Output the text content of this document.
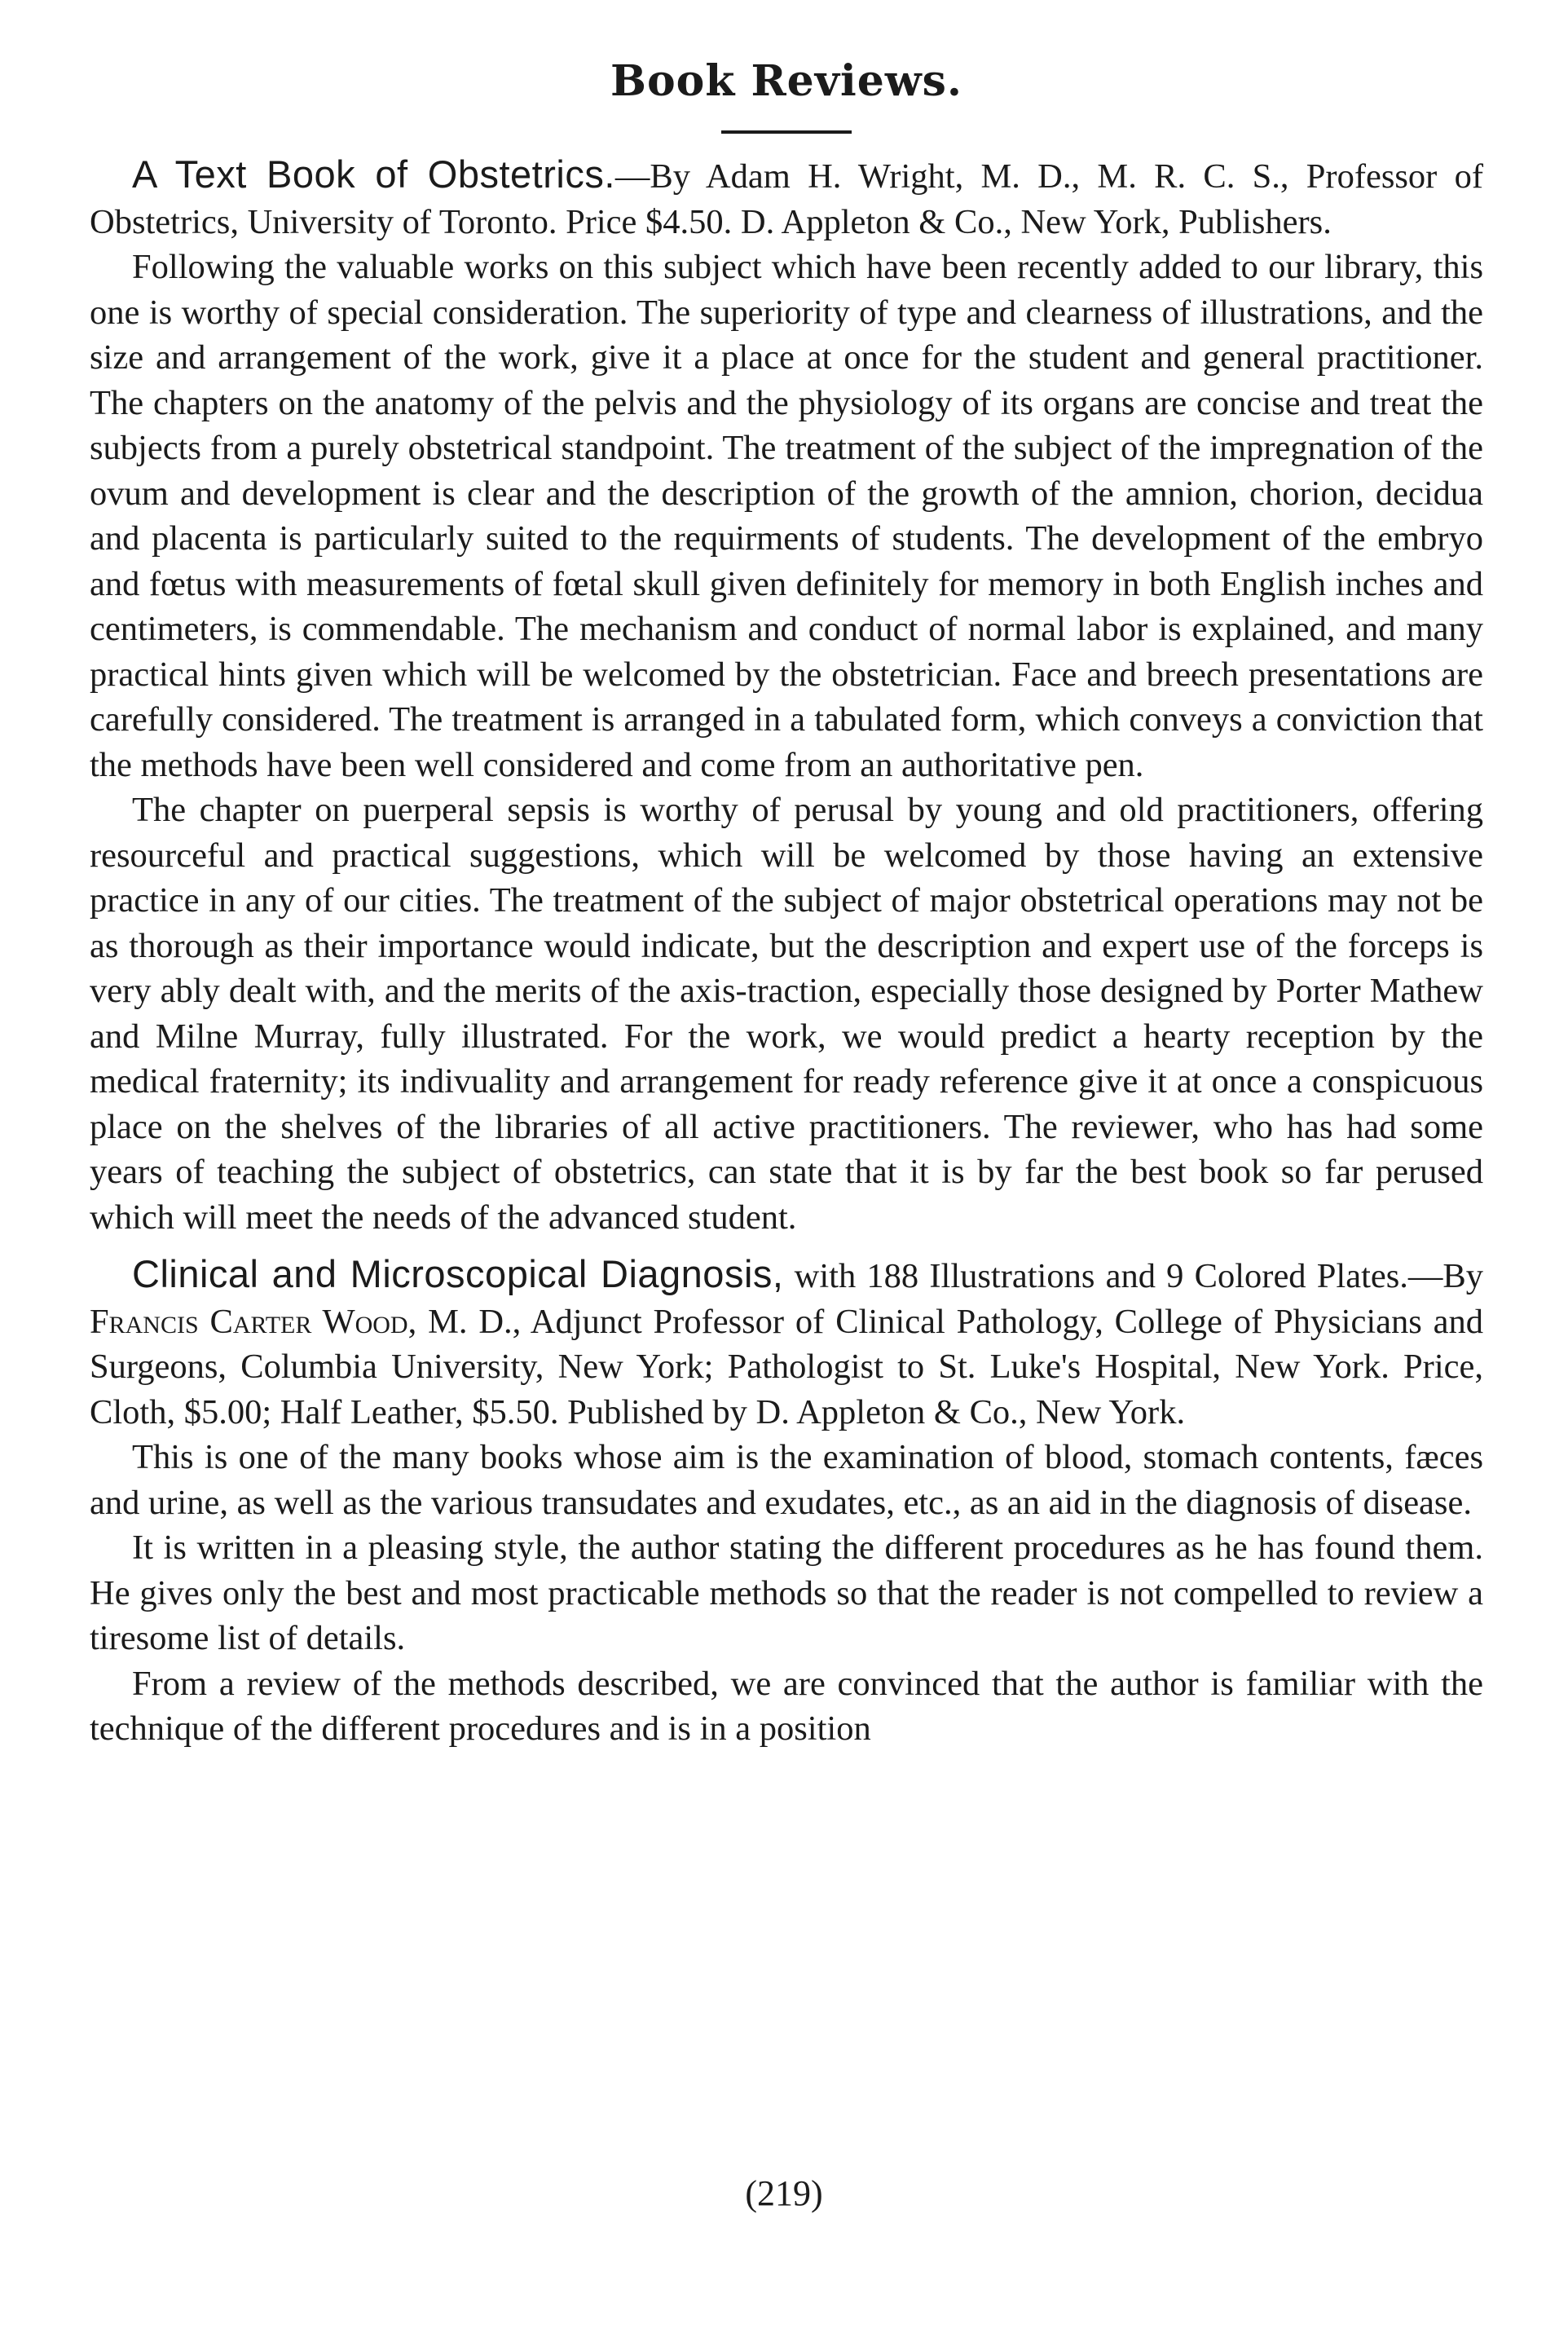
Book Reviews.

A Text Book of Obstetrics.—By Adam H. Wright, M. D., M. R. C. S., Professor of Obstetrics, University of Toronto. Price $4.50. D. Appleton & Co., New York, Publishers.

Following the valuable works on this subject which have been recently added to our library, this one is worthy of special consideration. The superiority of type and clearness of illustrations, and the size and arrangement of the work, give it a place at once for the student and general practitioner. The chapters on the anatomy of the pelvis and the physiology of its organs are concise and treat the subjects from a purely obstetrical standpoint. The treatment of the subject of the impregnation of the ovum and development is clear and the description of the growth of the amnion, chorion, decidua and placenta is particularly suited to the requirments of students. The development of the embryo and fœtus with measurements of fœtal skull given definitely for memory in both English inches and centimeters, is commendable. The mechanism and conduct of normal labor is explained, and many practical hints given which will be welcomed by the obstetrician. Face and breech presentations are carefully considered. The treatment is arranged in a tabulated form, which conveys a conviction that the methods have been well considered and come from an authoritative pen.

The chapter on puerperal sepsis is worthy of perusal by young and old practitioners, offering resourceful and practical suggestions, which will be welcomed by those having an extensive practice in any of our cities. The treatment of the subject of major obstetrical operations may not be as thorough as their importance would indicate, but the description and expert use of the forceps is very ably dealt with, and the merits of the axis-traction, especially those designed by Porter Mathew and Milne Murray, fully illustrated. For the work, we would predict a hearty reception by the medical fraternity; its indivuality and arrangement for ready reference give it at once a conspicuous place on the shelves of the libraries of all active practitioners. The reviewer, who has had some years of teaching the subject of obstetrics, can state that it is by far the best book so far perused which will meet the needs of the advanced student.

Clinical and Microscopical Diagnosis, with 188 Illustrations and 9 Colored Plates.—By Francis Carter Wood, M. D., Adjunct Professor of Clinical Pathology, College of Physicians and Surgeons, Columbia University, New York; Pathologist to St. Luke's Hospital, New York. Price, Cloth, $5.00; Half Leather, $5.50. Published by D. Appleton & Co., New York.

This is one of the many books whose aim is the examination of blood, stomach contents, fæces and urine, as well as the various transudates and exudates, etc., as an aid in the diagnosis of disease.

It is written in a pleasing style, the author stating the different procedures as he has found them. He gives only the best and most practicable methods so that the reader is not compelled to review a tiresome list of details.

From a review of the methods described, we are convinced that the author is familiar with the technique of the different procedures and is in a position

(219)
